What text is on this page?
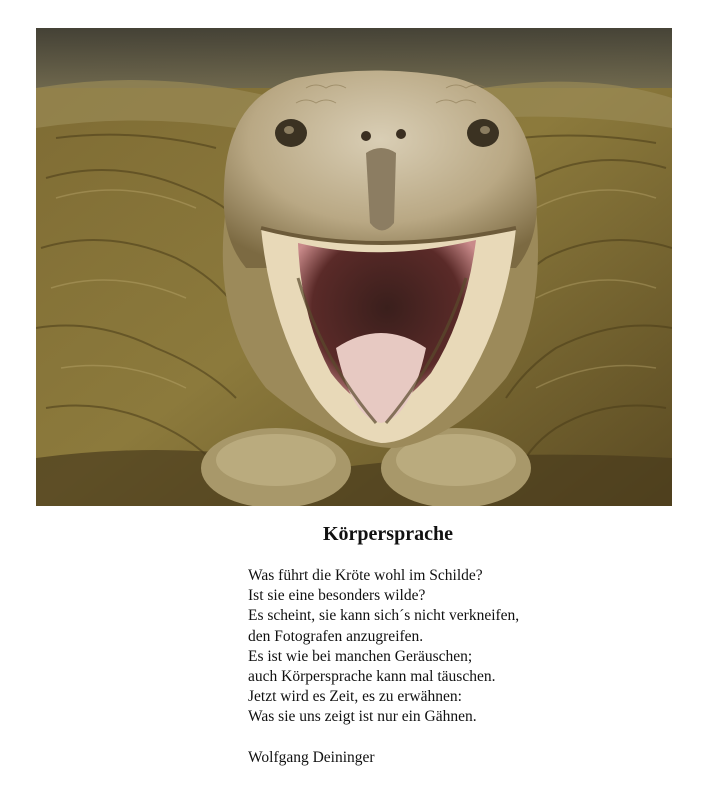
Körpersprache
Was führt die Kröte wohl im Schilde?
Ist sie eine besonders wilde?
Es scheint, sie kann sich´s nicht verkneifen,
den Fotografen anzugreifen.
Es ist wie bei manchen Geräuschen;
auch Körpersprache kann mal täuschen.
Jetzt wird es Zeit, es zu erwähnen:
Was sie uns zeigt ist nur ein Gähnen.
Wolfgang Deininger
